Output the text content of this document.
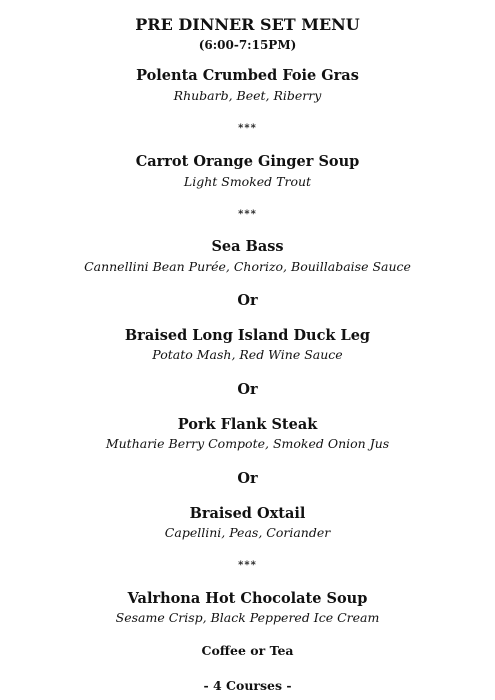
PRE DINNER SET MENU
(6:00-7:15PM)
Polenta Crumbed Foie Gras
Rhubarb, Beet, Riberry
***
Carrot Orange Ginger Soup
Light Smoked Trout
***
Sea Bass
Cannellini Bean Purée, Chorizo, Bouillabaise Sauce
Or
Braised Long Island Duck Leg
Potato Mash, Red Wine Sauce
Or
Pork Flank Steak
Mutharie Berry Compote, Smoked Onion Jus
Or
Braised Oxtail
Capellini, Peas, Coriander
***
Valrhona Hot Chocolate Soup
Sesame Crisp, Black Peppered Ice Cream
Coffee or Tea
- 4 Courses -
